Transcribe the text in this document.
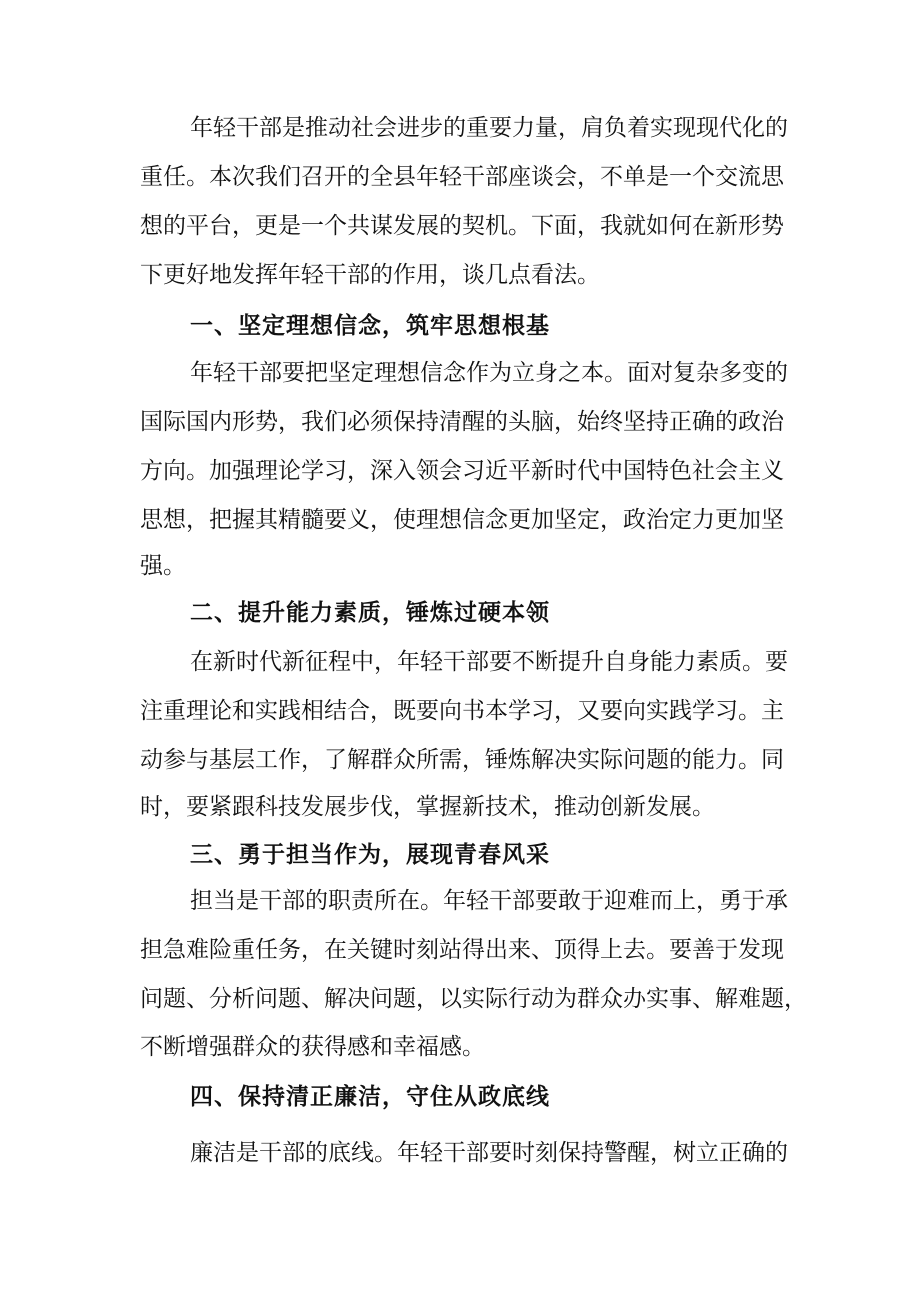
年轻干部是推动社会进步的重要力量，肩负着实现现代化的
重任。本次我们召开的全县年轻干部座谈会，不单是一个交流思
想的平台，更是一个共谋发展的契机。下面，我就如何在新形势
下更好地发挥年轻干部的作用，谈几点看法。
一、坚定理想信念，筑牢思想根基
年轻干部要把坚定理想信念作为立身之本。面对复杂多变的
国际国内形势，我们必须保持清醒的头脑，始终坚持正确的政治
方向。加强理论学习，深入领会习近平新时代中国特色社会主义
思想，把握其精髓要义，使理想信念更加坚定，政治定力更加坚
强。
二、提升能力素质，锤炼过硬本领
在新时代新征程中，年轻干部要不断提升自身能力素质。要
注重理论和实践相结合，既要向书本学习，又要向实践学习。主
动参与基层工作，了解群众所需，锤炼解决实际问题的能力。同
时，要紧跟科技发展步伐，掌握新技术，推动创新发展。
三、勇于担当作为，展现青春风采
担当是干部的职责所在。年轻干部要敢于迎难而上，勇于承
担急难险重任务，在关键时刻站得出来、顶得上去。要善于发现
问题、分析问题、解决问题，以实际行动为群众办实事、解难题，
不断增强群众的获得感和幸福感。
四、保持清正廉洁，守住从政底线
廉洁是干部的底线。年轻干部要时刻保持警醒，树立正确的
